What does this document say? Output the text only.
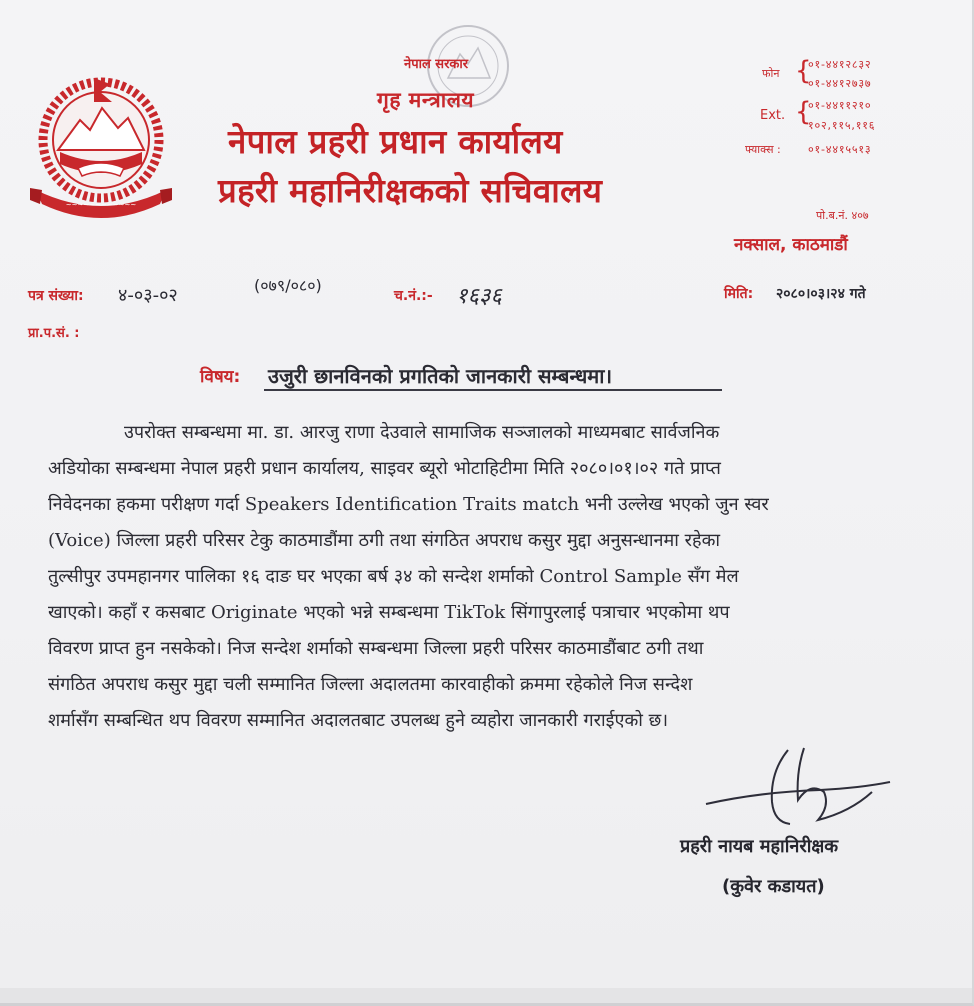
~~~~~~~~~~~~
नेपाल सरकार
गृह मन्त्रालय
नेपाल प्रहरी प्रधान कार्यालय
प्रहरी महानिरीक्षकको सचिवालय
फोन {
०१-४४१२८३२
०१-४४१२७३७
Ext. {
०१-४४११२१०
१०२,११५,११६
फ्याक्स : ०१-४४१५५१३
पो.ब.नं. ४०७
नक्साल, काठमाडौं
पत्र संख्या: ४-०३-०२	(०७९/०८०)
च.नं.:- १६३६	मिति: २०८०।०३।२४ गते
प्रा.प.सं. :
विषय: उजुरी छानविनको प्रगतिको जानकारी सम्बन्धमा।
उपरोक्त सम्बन्धमा मा. डा. आरजु राणा देउवाले सामाजिक सञ्जालको माध्यमबाट सार्वजनिक
अडियोका सम्बन्धमा नेपाल प्रहरी प्रधान कार्यालय, साइवर ब्यूरो भोटाहिटीमा मिति २०८०।०१।०२ गते प्राप्त
निवेदनका हकमा परीक्षण गर्दा Speakers Identification Traits match भनी उल्लेख भएको जुन स्वर
(Voice) जिल्ला प्रहरी परिसर टेकु काठमाडौंमा ठगी तथा संगठित अपराध कसुर मुद्दा अनुसन्धानमा रहेका
तुल्सीपुर उपमहानगर पालिका १६ दाङ घर भएका बर्ष ३४ को सन्देश शर्माको Control Sample सँग मेल
खाएको। कहाँ र कसबाट Originate भएको भन्ने सम्बन्धमा TikTok सिंगापुरलाई पत्राचार भएकोमा थप
विवरण प्राप्त हुन नसकेको। निज सन्देश शर्माको सम्बन्धमा जिल्ला प्रहरी परिसर काठमाडौंबाट ठगी तथा
संगठित अपराध कसुर मुद्दा चली सम्मानित जिल्ला अदालतमा कारवाहीको क्रममा रहेकोले निज सन्देश
शर्मासँग सम्बन्धित थप विवरण सम्मानित अदालतबाट उपलब्ध हुने व्यहोरा जानकारी गराईएको छ।
प्रहरी नायब महानिरीक्षक
(कुवेर कडायत)
